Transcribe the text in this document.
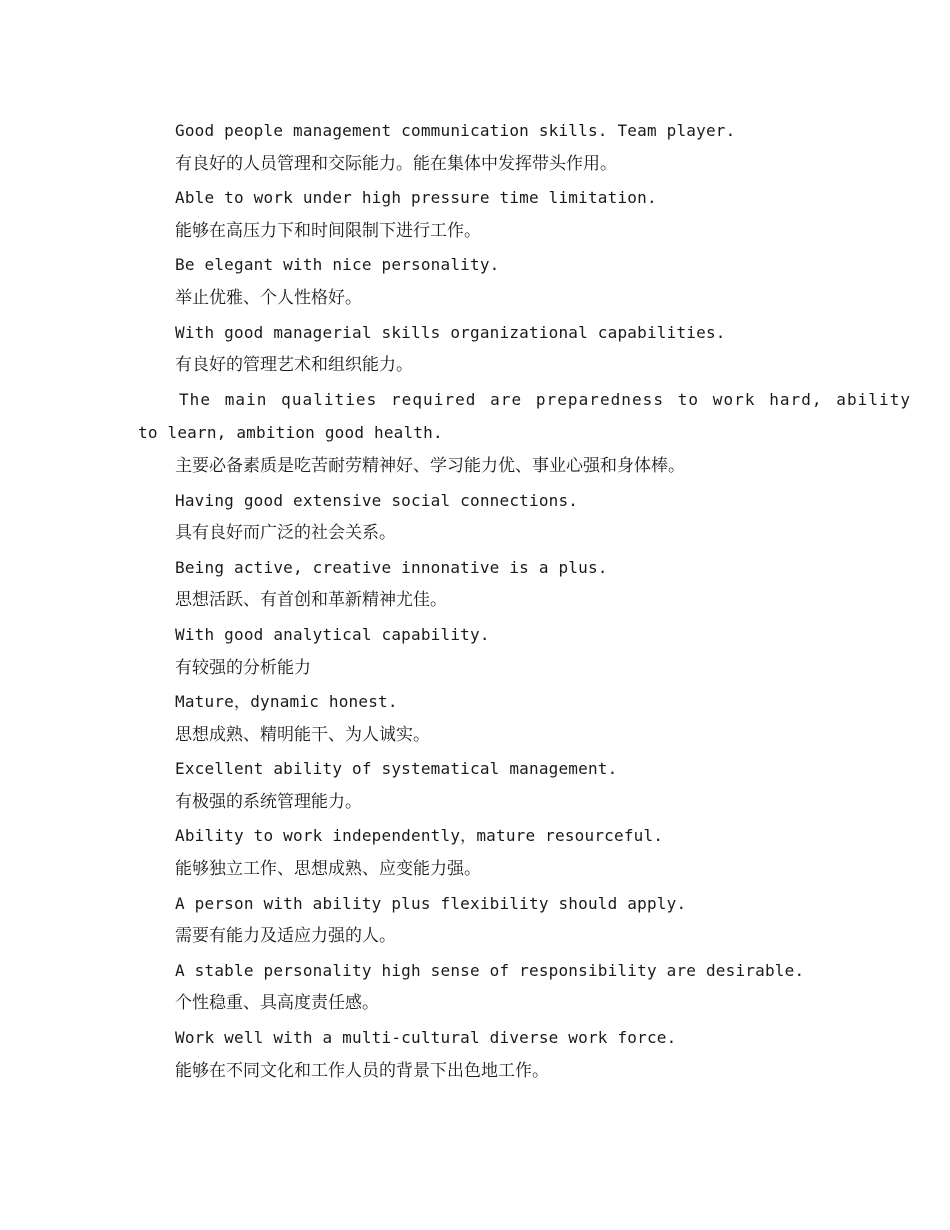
Good people management communication skills. Team player.
有良好的人员管理和交际能力。能在集体中发挥带头作用。
Able to work under high pressure time limitation.
能够在高压力下和时间限制下进行工作。
Be elegant with nice personality.
举止优雅、个人性格好。
With good managerial skills organizational capabilities.
有良好的管理艺术和组织能力。
The main qualities required are preparedness to work hard, ability
to learn, ambition good health.
主要必备素质是吃苦耐劳精神好、学习能力优、事业心强和身体棒。
Having good extensive social connections.
具有良好而广泛的社会关系。
Being active, creative innonative is a plus.
思想活跃、有首创和革新精神尤佳。
With good analytical capability.
有较强的分析能力
Mature，dynamic honest.
思想成熟、精明能干、为人诚实。
Excellent ability of systematical management.
有极强的系统管理能力。
Ability to work independently，mature resourceful.
能够独立工作、思想成熟、应变能力强。
A person with ability plus flexibility should apply.
需要有能力及适应力强的人。
A stable personality high sense of responsibility are desirable.
个性稳重、具高度责任感。
Work well with a multi-cultural diverse work force.
能够在不同文化和工作人员的背景下出色地工作。
